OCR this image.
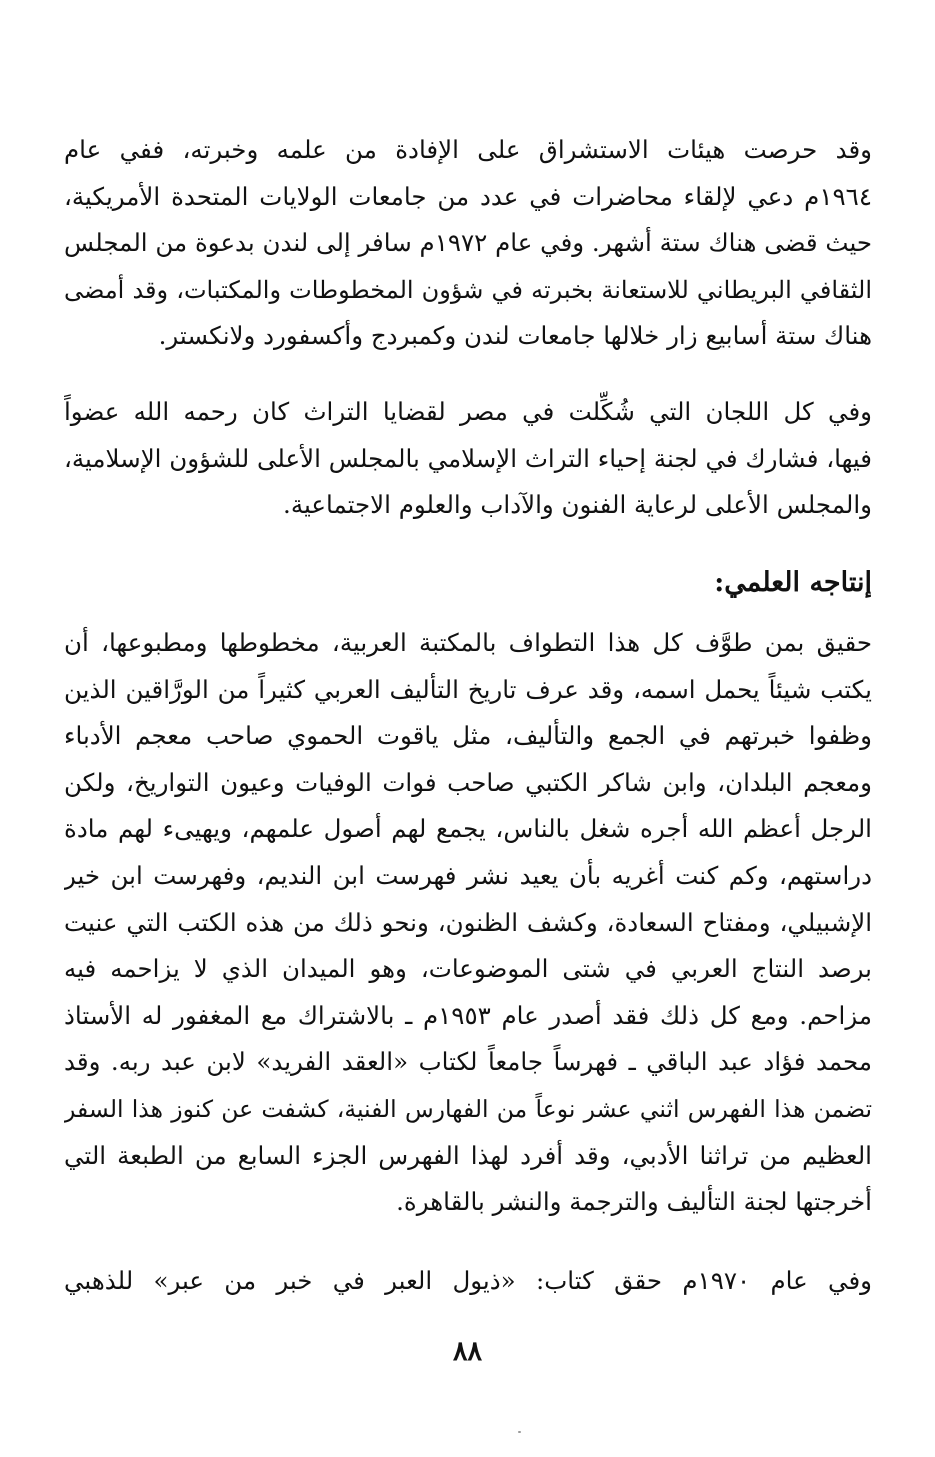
وقد حرصت هيئات الاستشراق على الإفادة من علمه وخبرته، ففي عام
١٩٦٤م دعي لإلقاء محاضرات في عدد من جامعات الولايات المتحدة الأمريكية،
حيث قضى هناك ستة أشهر. وفي عام ١٩٧٢م سافر إلى لندن بدعوة من المجلس
الثقافي البريطاني للاستعانة بخبرته في شؤون المخطوطات والمكتبات، وقد أمضى
هناك ستة أسابيع زار خلالها جامعات لندن وكمبردج وأكسفورد ولانكستر.
وفي كل اللجان التي شُكِّلت في مصر لقضايا التراث كان رحمه الله عضواً
فيها، فشارك في لجنة إحياء التراث الإسلامي بالمجلس الأعلى للشؤون الإسلامية،
والمجلس الأعلى لرعاية الفنون والآداب والعلوم الاجتماعية.
إنتاجه العلمي:
حقيق بمن طوَّف كل هذا التطواف بالمكتبة العربية، مخطوطها ومطبوعها، أن
يكتب شيئاً يحمل اسمه، وقد عرف تاريخ التأليف العربي كثيراً من الورَّاقين الذين
وظفوا خبرتهم في الجمع والتأليف، مثل ياقوت الحموي صاحب معجم الأدباء
ومعجم البلدان، وابن شاكر الكتبي صاحب فوات الوفيات وعيون التواريخ، ولكن
الرجل أعظم الله أجره شغل بالناس، يجمع لهم أصول علمهم، ويهيىء لهم مادة
دراستهم، وكم كنت أغريه بأن يعيد نشر فهرست ابن النديم، وفهرست ابن خير
الإشبيلي، ومفتاح السعادة، وكشف الظنون، ونحو ذلك من هذه الكتب التي عنيت
برصد النتاج العربي في شتى الموضوعات، وهو الميدان الذي لا يزاحمه فيه
مزاحم. ومع كل ذلك فقد أصدر عام ١٩٥٣م ـ بالاشتراك مع المغفور له الأستاذ
محمد فؤاد عبد الباقي ـ فهرساً جامعاً لكتاب «العقد الفريد» لابن عبد ربه. وقد
تضمن هذا الفهرس اثني عشر نوعاً من الفهارس الفنية، كشفت عن كنوز هذا السفر
العظيم من تراثنا الأدبي، وقد أفرد لهذا الفهرس الجزء السابع من الطبعة التي
أخرجتها لجنة التأليف والترجمة والنشر بالقاهرة.
وفي عام ١٩٧٠م حقق كتاب: «ذيول العبر في خبر من عبر» للذهبي
٨٨
